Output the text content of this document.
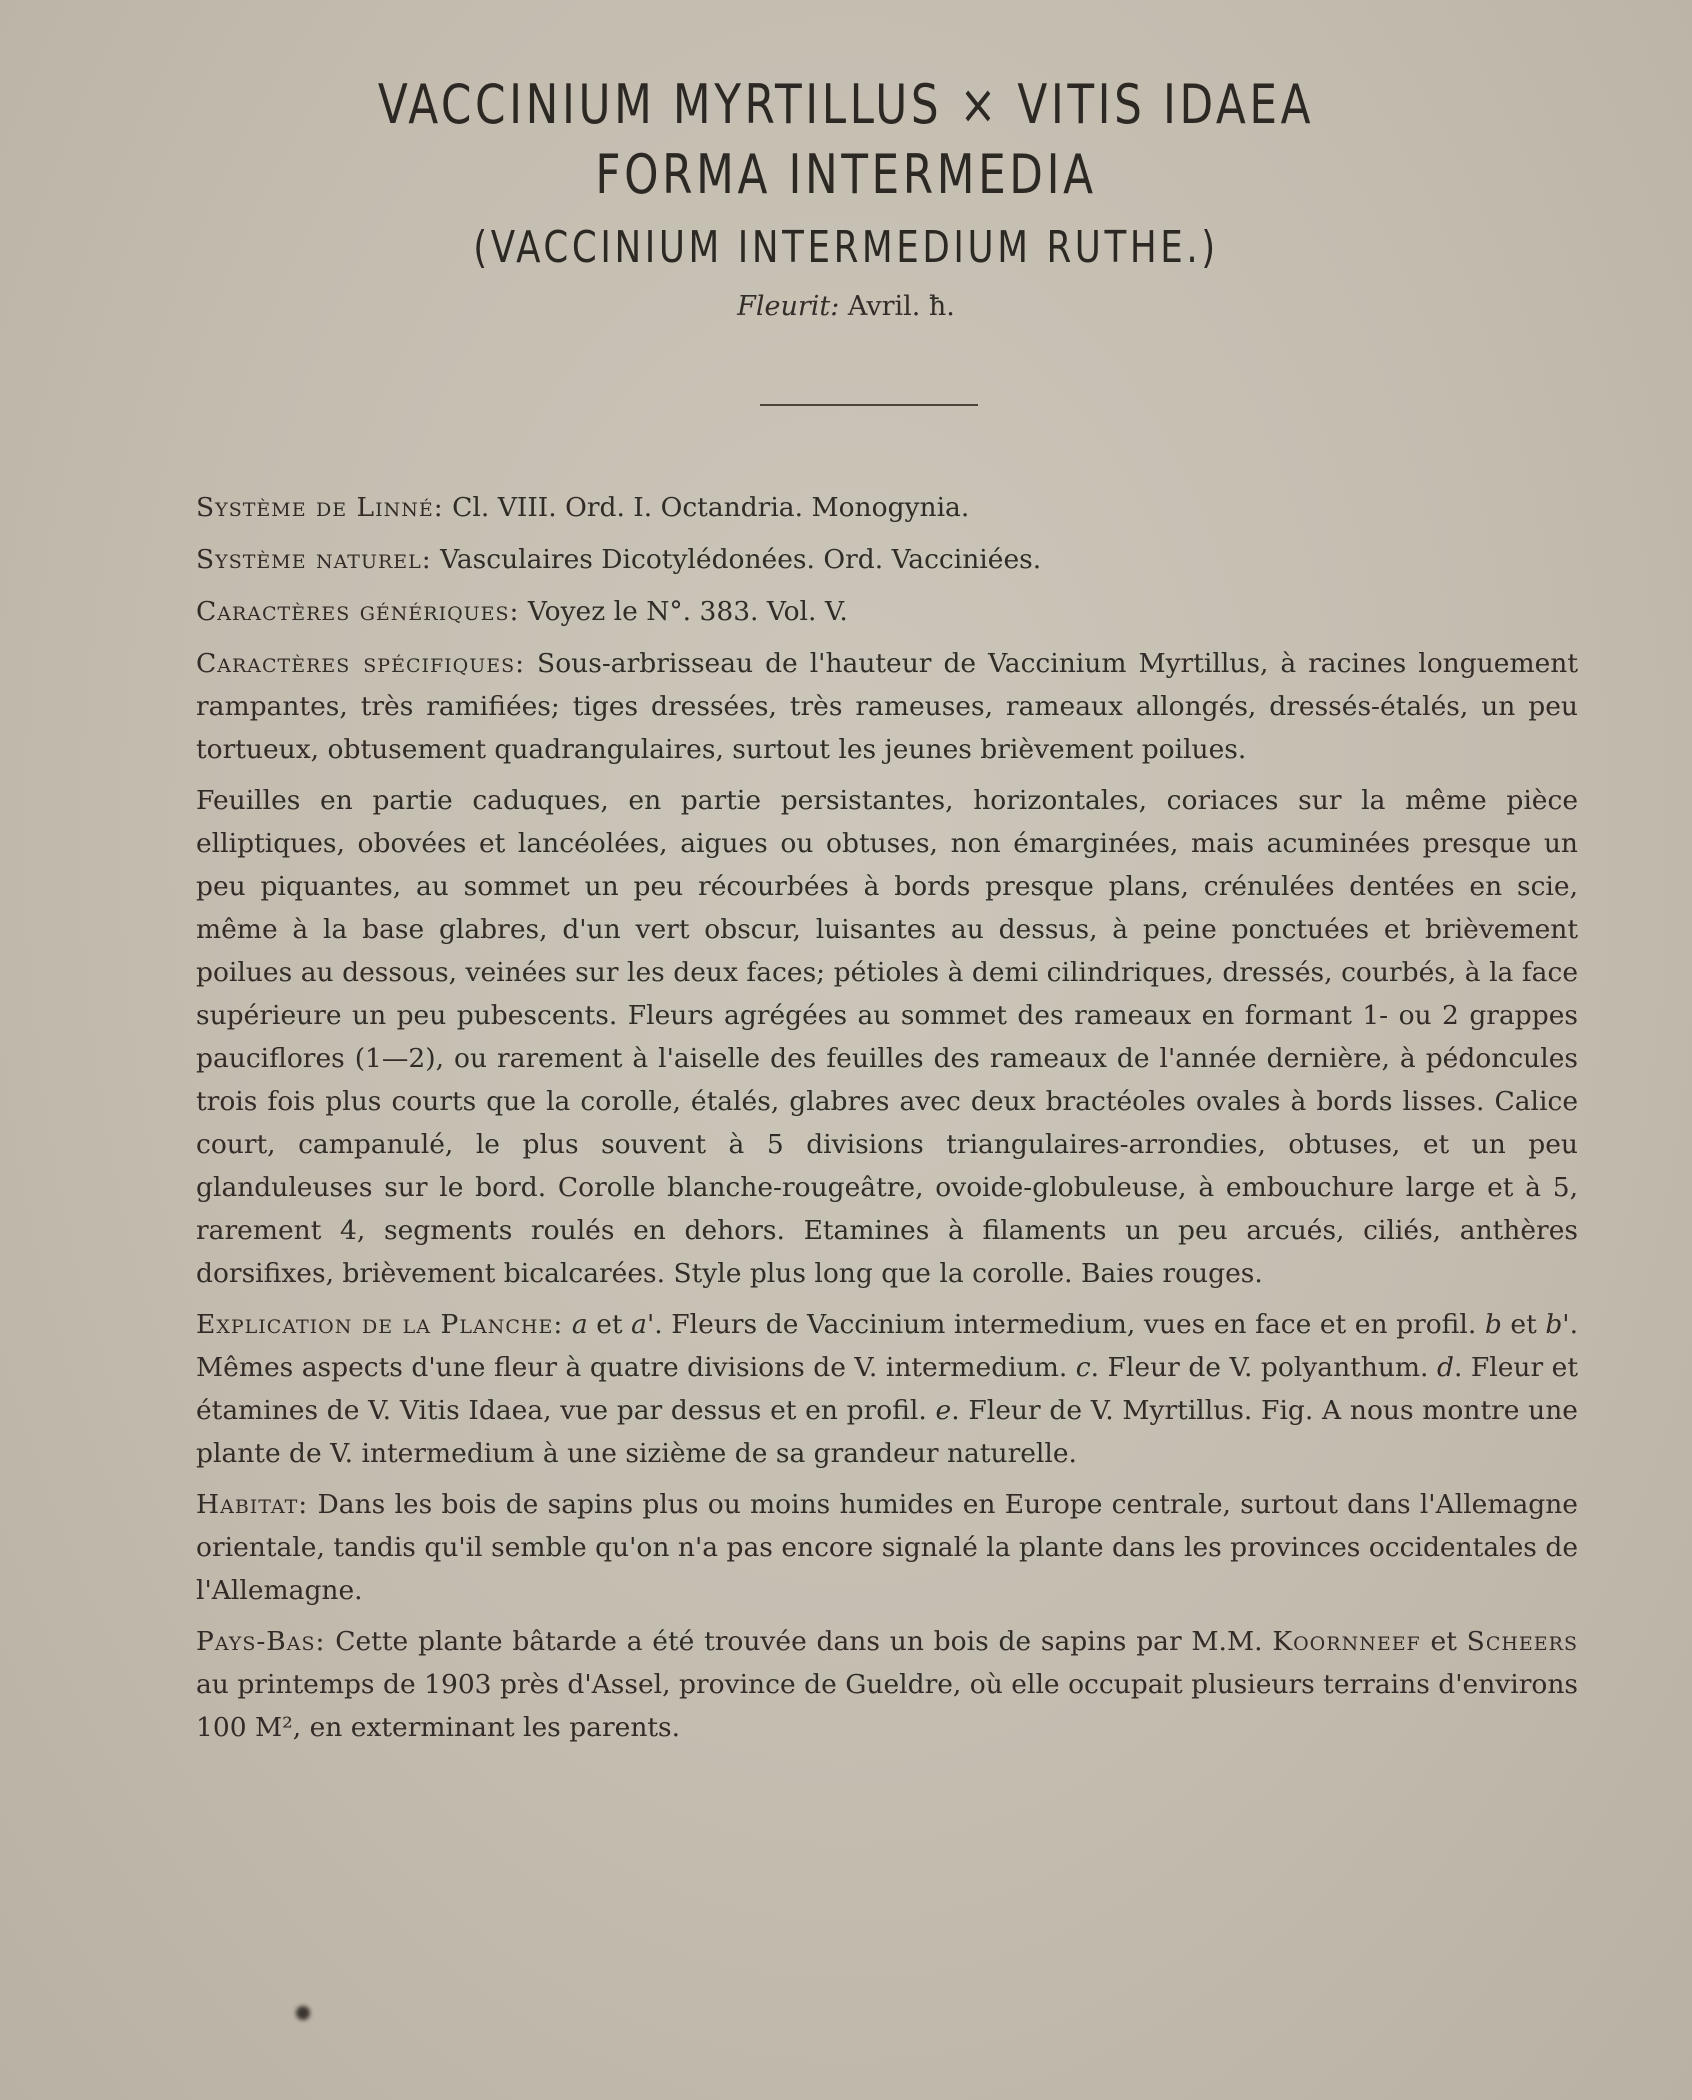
VACCINIUM MYRTILLUS × VITIS IDAEA
FORMA INTERMEDIA
(VACCINIUM INTERMEDIUM RUTHE.)
Fleurit: Avril. ħ.

Système de Linné: Cl. VIII. Ord. I. Octandria. Monogynia.

Système naturel: Vasculaires Dicotylédonées. Ord. Vacciniées.

Caractères génériques: Voyez le N°. 383. Vol. V.

Caractères spécifiques: Sous-arbrisseau de l'hauteur de Vaccinium Myrtillus, à racines longuement rampantes, très ramifiées; tiges dressées, très rameuses, rameaux allongés, dressés-étalés, un peu tortueux, obtusement quadrangulaires, surtout les jeunes brièvement poilues.

Feuilles en partie caduques, en partie persistantes, horizontales, coriaces sur la même pièce elliptiques, obovées et lancéolées, aigues ou obtuses, non émarginées, mais acuminées presque un peu piquantes, au sommet un peu récourbées à bords presque plans, crénulées dentées en scie, même à la base glabres, d'un vert obscur, luisantes au dessus, à peine ponctuées et brièvement poilues au dessous, veinées sur les deux faces; pétioles à demi cilindriques, dressés, courbés, à la face supérieure un peu pubescents. Fleurs agrégées au sommet des rameaux en formant 1- ou 2 grappes pauciflores (1—2), ou rarement à l'aiselle des feuilles des rameaux de l'année dernière, à pédoncules trois fois plus courts que la corolle, étalés, glabres avec deux bractéoles ovales à bords lisses. Calice court, campanulé, le plus souvent à 5 divisions triangulaires-arrondies, obtuses, et un peu glanduleuses sur le bord. Corolle blanche-rougeâtre, ovoide-globuleuse, à embouchure large et à 5, rarement 4, segments roulés en dehors. Etamines à filaments un peu arcués, ciliés, anthères dorsifixes, brièvement bicalcarées. Style plus long que la corolle. Baies rouges.

Explication de la Planche: a et a'. Fleurs de Vaccinium intermedium, vues en face et en profil. b et b'. Mêmes aspects d'une fleur à quatre divisions de V. intermedium. c. Fleur de V. polyanthum. d. Fleur et étamines de V. Vitis Idaea, vue par dessus et en profil. e. Fleur de V. Myrtillus. Fig. A nous montre une plante de V. intermedium à une sizième de sa grandeur naturelle.

Habitat: Dans les bois de sapins plus ou moins humides en Europe centrale, surtout dans l'Allemagne orientale, tandis qu'il semble qu'on n'a pas encore signalé la plante dans les provinces occidentales de l'Allemagne.

Pays-Bas: Cette plante bâtarde a été trouvée dans un bois de sapins par M.M. Koornneef et Scheers au printemps de 1903 près d'Assel, province de Gueldre, où elle occupait plusieurs terrains d'environs 100 M², en exterminant les parents.
